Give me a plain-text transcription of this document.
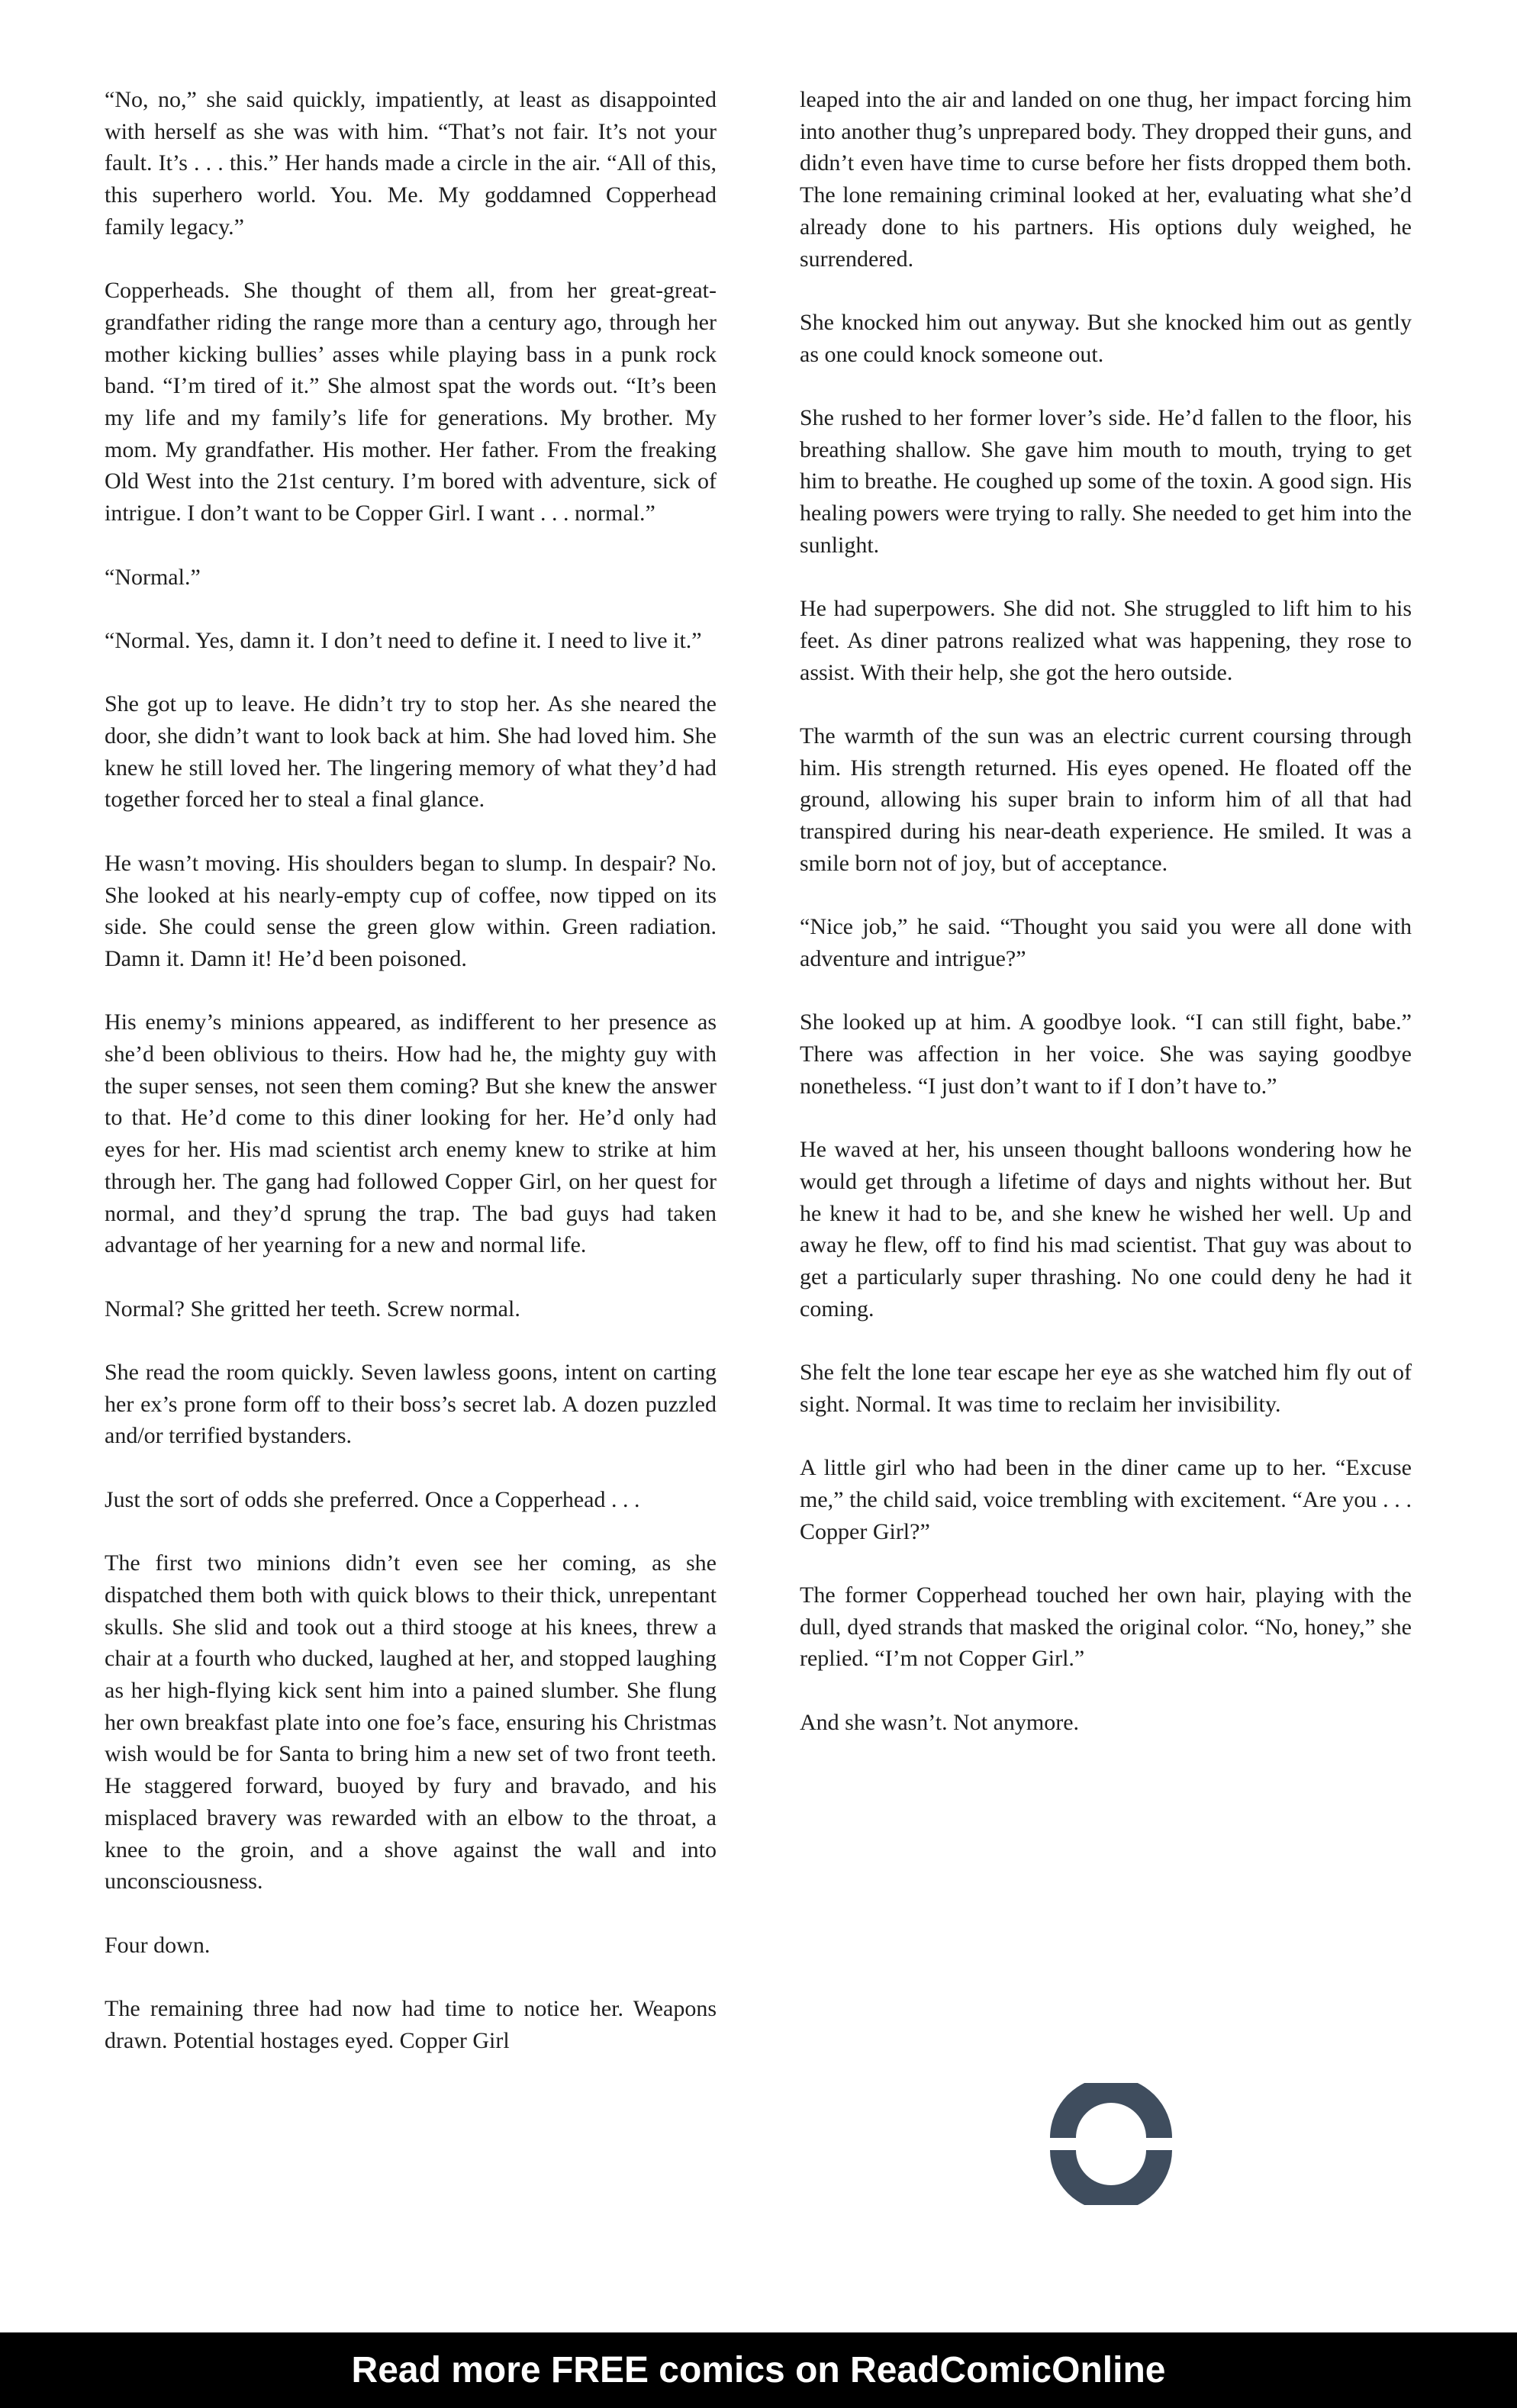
“No, no,” she said quickly, impatiently, at least as disappointed with herself as she was with him. “That’s not fair. It’s not your fault. It’s . . . this.” Her hands made a circle in the air. “All of this, this superhero world. You. Me. My goddamned Copperhead family legacy.”

Copperheads. She thought of them all, from her great-great-grandfather riding the range more than a century ago, through her mother kicking bullies’ asses while playing bass in a punk rock band. “I’m tired of it.” She almost spat the words out. “It’s been my life and my family’s life for generations. My brother. My mom. My grandfather. His mother. Her father. From the freaking Old West into the 21st century. I’m bored with adventure, sick of intrigue. I don’t want to be Copper Girl. I want . . . normal.”

“Normal.”

“Normal. Yes, damn it. I don’t need to define it. I need to live it.”

She got up to leave. He didn’t try to stop her. As she neared the door, she didn’t want to look back at him. She had loved him. She knew he still loved her. The lingering memory of what they’d had together forced her to steal a final glance.

He wasn’t moving. His shoulders began to slump. In despair? No. She looked at his nearly-empty cup of coffee, now tipped on its side. She could sense the green glow within. Green radiation. Damn it. Damn it! He’d been poisoned.

His enemy’s minions appeared, as indifferent to her presence as she’d been oblivious to theirs. How had he, the mighty guy with the super senses, not seen them coming? But she knew the answer to that. He’d come to this diner looking for her. He’d only had eyes for her. His mad scientist arch enemy knew to strike at him through her. The gang had followed Copper Girl, on her quest for normal, and they’d sprung the trap. The bad guys had taken advantage of her yearning for a new and normal life.

Normal? She gritted her teeth. Screw normal.

She read the room quickly. Seven lawless goons, intent on carting her ex’s prone form off to their boss’s secret lab. A dozen puzzled and/or terrified bystanders.

Just the sort of odds she preferred. Once a Copperhead . . .

The first two minions didn’t even see her coming, as she dispatched them both with quick blows to their thick, unrepentant skulls. She slid and took out a third stooge at his knees, threw a chair at a fourth who ducked, laughed at her, and stopped laughing as her high-flying kick sent him into a pained slumber. She flung her own breakfast plate into one foe’s face, ensuring his Christmas wish would be for Santa to bring him a new set of two front teeth. He staggered forward, buoyed by fury and bravado, and his misplaced bravery was rewarded with an elbow to the throat, a knee to the groin, and a shove against the wall and into unconsciousness.

Four down.

The remaining three had now had time to notice her. Weapons drawn. Potential hostages eyed. Copper Girl

leaped into the air and landed on one thug, her impact forcing him into another thug’s unprepared body. They dropped their guns, and didn’t even have time to curse before her fists dropped them both. The lone remaining criminal looked at her, evaluating what she’d already done to his partners. His options duly weighed, he surrendered.

She knocked him out anyway. But she knocked him out as gently as one could knock someone out.

She rushed to her former lover’s side. He’d fallen to the floor, his breathing shallow. She gave him mouth to mouth, trying to get him to breathe. He coughed up some of the toxin. A good sign. His healing powers were trying to rally. She needed to get him into the sunlight.

He had superpowers. She did not. She struggled to lift him to his feet. As diner patrons realized what was happening, they rose to assist. With their help, she got the hero outside.

The warmth of the sun was an electric current coursing through him. His strength returned. His eyes opened. He floated off the ground, allowing his super brain to inform him of all that had transpired during his near-death experience. He smiled. It was a smile born not of joy, but of acceptance.

“Nice job,” he said. “Thought you said you were all done with adventure and intrigue?”

She looked up at him. A goodbye look. “I can still fight, babe.” There was affection in her voice. She was saying goodbye nonetheless. “I just don’t want to if I don’t have to.”

He waved at her, his unseen thought balloons wondering how he would get through a lifetime of days and nights without her. But he knew it had to be, and she knew he wished her well. Up and away he flew, off to find his mad scientist. That guy was about to get a particularly super thrashing. No one could deny he had it coming.

She felt the lone tear escape her eye as she watched him fly out of sight. Normal. It was time to reclaim her invisibility.

A little girl who had been in the diner came up to her. “Excuse me,” the child said, voice trembling with excitement. “Are you . . . Copper Girl?”

The former Copperhead touched her own hair, playing with the dull, dyed strands that masked the original color. “No, honey,” she replied. “I’m not Copper Girl.”

And she wasn’t. Not anymore.

Read more FREE comics on ReadComicOnline
